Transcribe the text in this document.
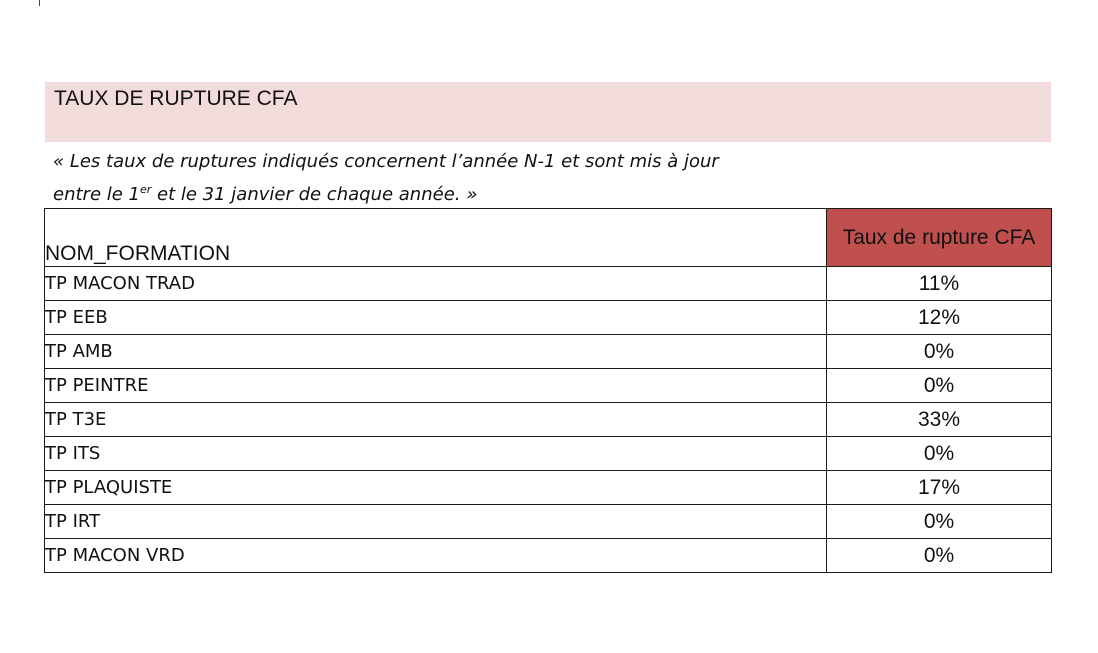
TAUX DE RUPTURE CFA
« Les taux de ruptures indiqués concernent l’année N-1 et sont mis à jour
entre le 1er et le 31 janvier de chaque année. »
NOM_FORMATION	Taux de rupture CFA
TP MACON TRAD	11%
TP EEB	12%
TP AMB	0%
TP PEINTRE	0%
TP T3E	33%
TP ITS	0%
TP PLAQUISTE	17%
TP IRT	0%
TP MACON VRD	0%
